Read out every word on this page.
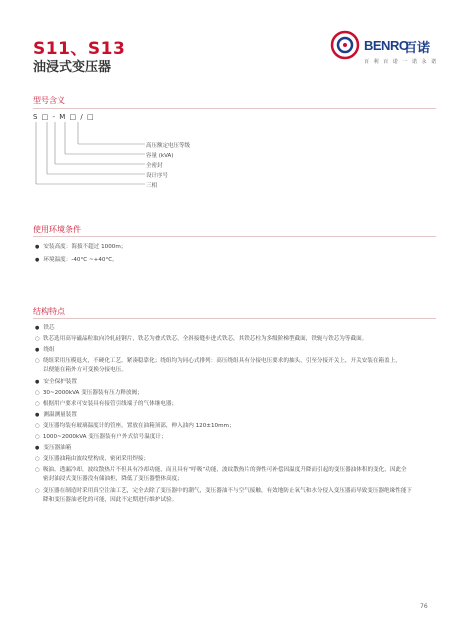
S11、S13
油浸式变压器
BENRO
百诺
百 利 百 诺 一 诺 永 诺
型号含义
S □ - M □ / □
高压额定电压等级
容量 (kVA)
全密封
设计序号
三相
使用环境条件
● 安装高度：海拔不超过 1000m；
● 环境温度：-40°C ~+40°C。
结构特点
● 铁芯
○ 铁芯选用高导磁晶粒取向冷轧硅钢片，铁芯为叠式铁芯，全斜接缝步进式铁芯，其铁芯柱为多级阶梯型截面，铁轭与铁芯为等截面。
● 绕组
○ 绕组采用压模退火，不硬化工艺，紧凑稳靠化；绕组均为同心式排列：高压绕组具有分接电压要求的抽头，引至分接开关上，开关安装在箱盖上，
以便能在箱外方可变换分接电压。
● 安全保护装置
○ 30~2000kVA 变压器装有压力释放阀；
○ 根据用户要求可安装具有接管引线端子的气体继电器；
● 测温测量装置
○ 变压器均装有玻璃温度计的管座，置放在油箱顶部，伸入油内 120±10mm；
○ 1000~2000kVA 变压器装有户外式信号温度计；
● 变压器油箱
○ 变压器油箱由波纹壁构成，密闭采用焊接；
○ 吸油、透漏冷却，波纹散热片不但具有冷却功能，而且具有“呼吸”功能，波纹散热片的弹性可补偿因温度升降而引起的变压器油体积的变化，因此全
密封油浸式变压器没有储油柜，降低了变压器整体高度；
○ 变压器在制造时采用真空注油工艺，完全去除了变压器中的潮气，变压器油不与空气接触，有效地防止氧气和水分侵入变压器而导致变压器绝缘性能下
降和变压器油老化的可能，因此不定期进行维护试验。
76
